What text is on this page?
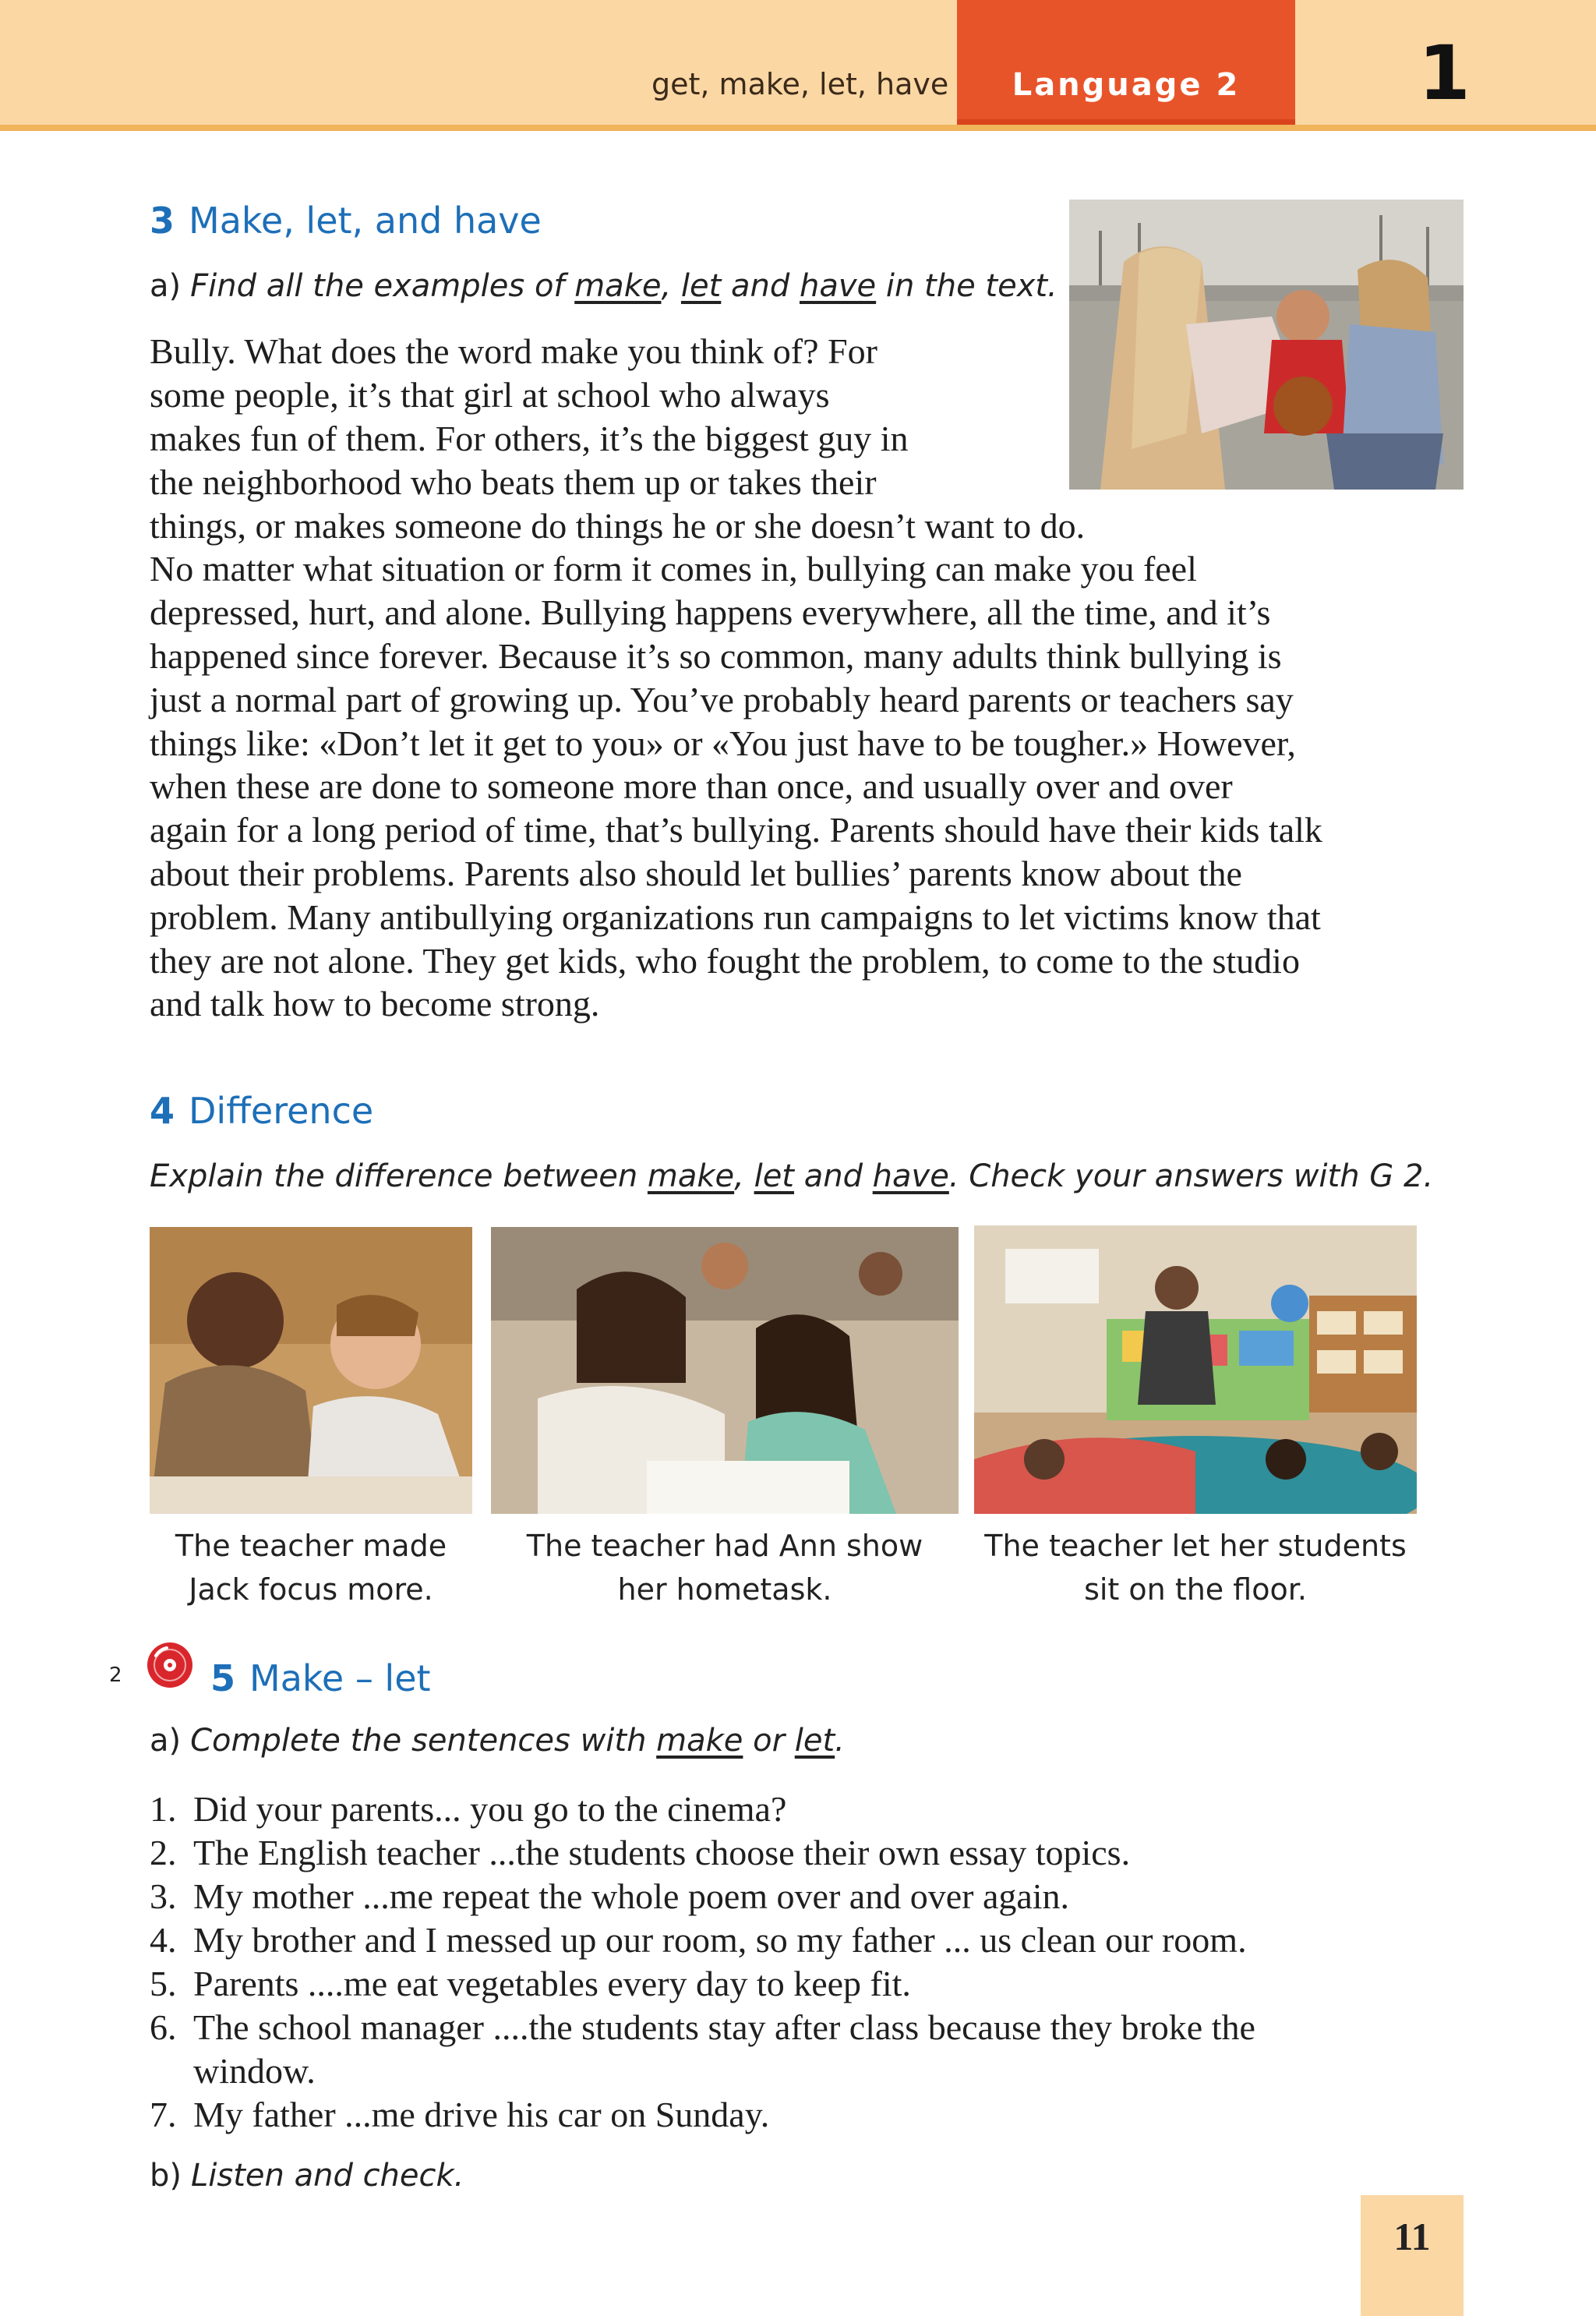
get, make, let, have	Language 2	1
3 Make, let, and have
a) Find all the examples of make, let and have in the text.
Bully. What does the word make you think of? For
some people, it’s that girl at school who always
makes fun of them. For others, it’s the biggest guy in
the neighborhood who beats them up or takes their
things, or makes someone do things he or she doesn’t want to do.
No matter what situation or form it comes in, bullying can make you feel
depressed, hurt, and alone. Bullying happens everywhere, all the time, and it’s
happened since forever. Because it’s so common, many adults think bullying is
just a normal part of growing up. You’ve probably heard parents or teachers say
things like: «Don’t let it get to you» or «You just have to be tougher.» However,
when these are done to someone more than once, and usually over and over
again for a long period of time, that’s bullying. Parents should have their kids talk
about their problems. Parents also should let bullies’ parents know about the
problem. Many antibullying organizations run campaigns to let victims know that
they are not alone. They get kids, who fought the problem, to come to the studio
and talk how to become strong.
4 Difference
Explain the difference between make, let and have. Check your answers with G 2.
The teacher made
Jack focus more.
The teacher had Ann show
her hometask.
The teacher let her students
sit on the floor.
2 5 Make – let
a) Complete the sentences with make or let.
1. Did your parents... you go to the cinema?
2. The English teacher ...the students choose their own essay topics.
3. My mother ...me repeat the whole poem over and over again.
4. My brother and I messed up our room, so my father ... us clean our room.
5. Parents ....me eat vegetables every day to keep fit.
6. The school manager ....the students stay after class because they broke the
window.
7. My father ...me drive his car on Sunday.
b) Listen and check.
11
